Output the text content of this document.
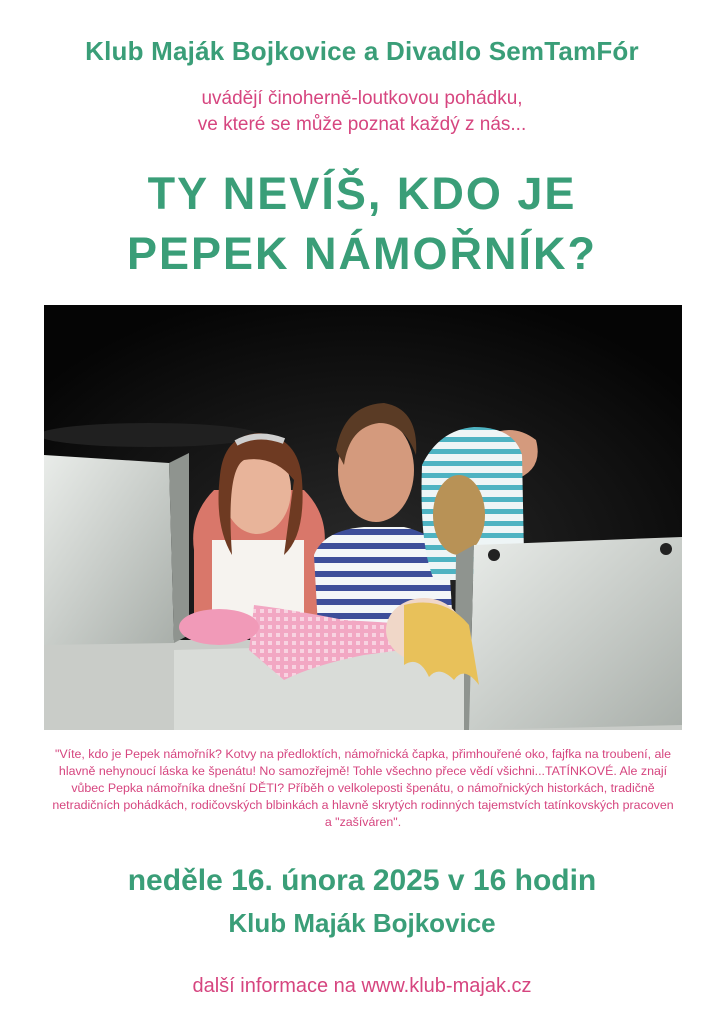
Klub Maják Bojkovice a Divadlo SemTamFór
uvádějí činoherně-loutkovou pohádku,
ve které se může poznat každý z nás...
TY NEVÍŠ, KDO JE
PEPEK NÁMOŘNÍK?
"Víte, kdo je Pepek námořník? Kotvy na předloktích, námořnická čapka, přimhouřené oko, fajfka na troubení, ale hlavně nehynoucí láska ke špenátu! No samozřejmě! Tohle všechno přece vědí všichni...TATÍNKOVÉ. Ale znají vůbec Pepka námořníka dnešní DĚTI? Příběh o velkoleposti špenátu, o námořnických historkách, tradičně netradičních pohádkách, rodičovských blbinkách a hlavně skrytých rodinných tajemstvích tatínkovských pracoven a "zašíváren".
neděle 16. února 2025 v 16 hodin
Klub Maják Bojkovice
další informace na www.klub-majak.cz
